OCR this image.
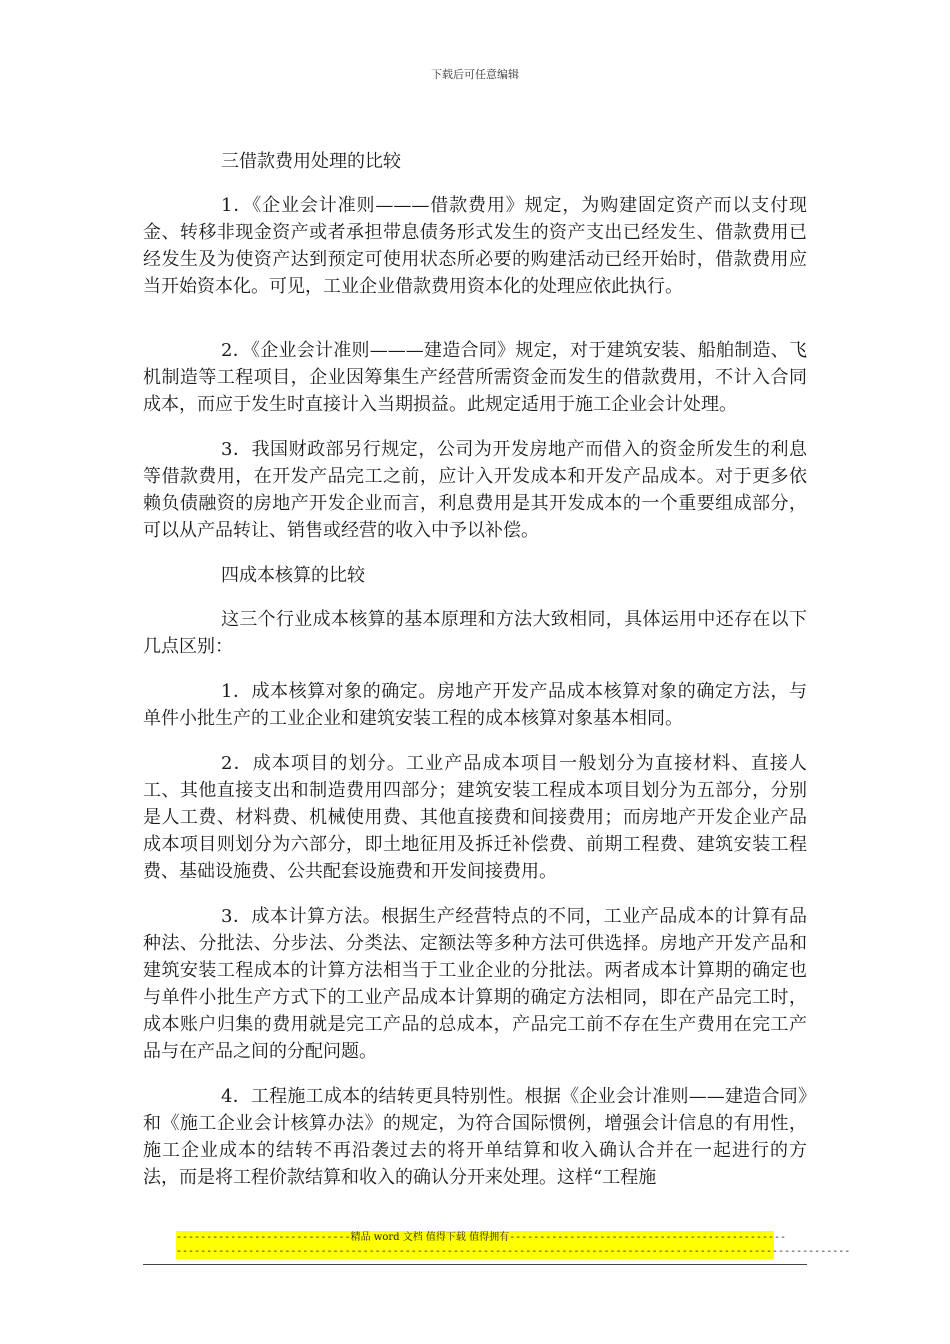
下载后可任意编辑

三借款费用处理的比较

1．《企业会计准则———借款费用》规定，为购建固定资产而以支付现金、转移非现金资产或者承担带息债务形式发生的资产支出已经发生、借款费用已经发生及为使资产达到预定可使用状态所必要的购建活动已经开始时，借款费用应当开始资本化。可见，工业企业借款费用资本化的处理应依此执行。

2．《企业会计准则———建造合同》规定，对于建筑安装、船舶制造、飞机制造等工程项目，企业因筹集生产经营所需资金而发生的借款费用，不计入合同成本，而应于发生时直接计入当期损益。此规定适用于施工企业会计处理。

3．我国财政部另行规定，公司为开发房地产而借入的资金所发生的利息等借款费用，在开发产品完工之前，应计入开发成本和开发产品成本。对于更多依赖负债融资的房地产开发企业而言，利息费用是其开发成本的一个重要组成部分，可以从产品转让、销售或经营的收入中予以补偿。

四成本核算的比较

这三个行业成本核算的基本原理和方法大致相同，具体运用中还存在以下几点区别：

1．成本核算对象的确定。房地产开发产品成本核算对象的确定方法，与单件小批生产的工业企业和建筑安装工程的成本核算对象基本相同。

2．成本项目的划分。工业产品成本项目一般划分为直接材料、直接人工、其他直接支出和制造费用四部分；建筑安装工程成本项目划分为五部分，分别是人工费、材料费、机械使用费、其他直接费和间接费用；而房地产开发企业产品成本项目则划分为六部分，即土地征用及拆迁补偿费、前期工程费、建筑安装工程费、基础设施费、公共配套设施费和开发间接费用。

3．成本计算方法。根据生产经营特点的不同，工业产品成本的计算有品种法、分批法、分步法、分类法、定额法等多种方法可供选择。房地产开发产品和建筑安装工程成本的计算方法相当于工业企业的分批法。两者成本计算期的确定也与单件小批生产方式下的工业产品成本计算期的确定方法相同，即在产品完工时，成本账户归集的费用就是完工产品的总成本，产品完工前不存在生产费用在完工产品与在产品之间的分配问题。

4．工程施工成本的结转更具特别性。根据《企业会计准则——建造合同》和《施工企业会计核算办法》的规定，为符合国际惯例，增强会计信息的有用性，施工企业成本的结转不再沿袭过去的将开单结算和收入确认合并在一起进行的方法，而是将工程价款结算和收入的确认分开来处理。这样“工程施

-----------------------------精品 word 文档 值得下载 值得拥有----------------------------------------------
----------------------------------------------------------------------------------------------------------------
